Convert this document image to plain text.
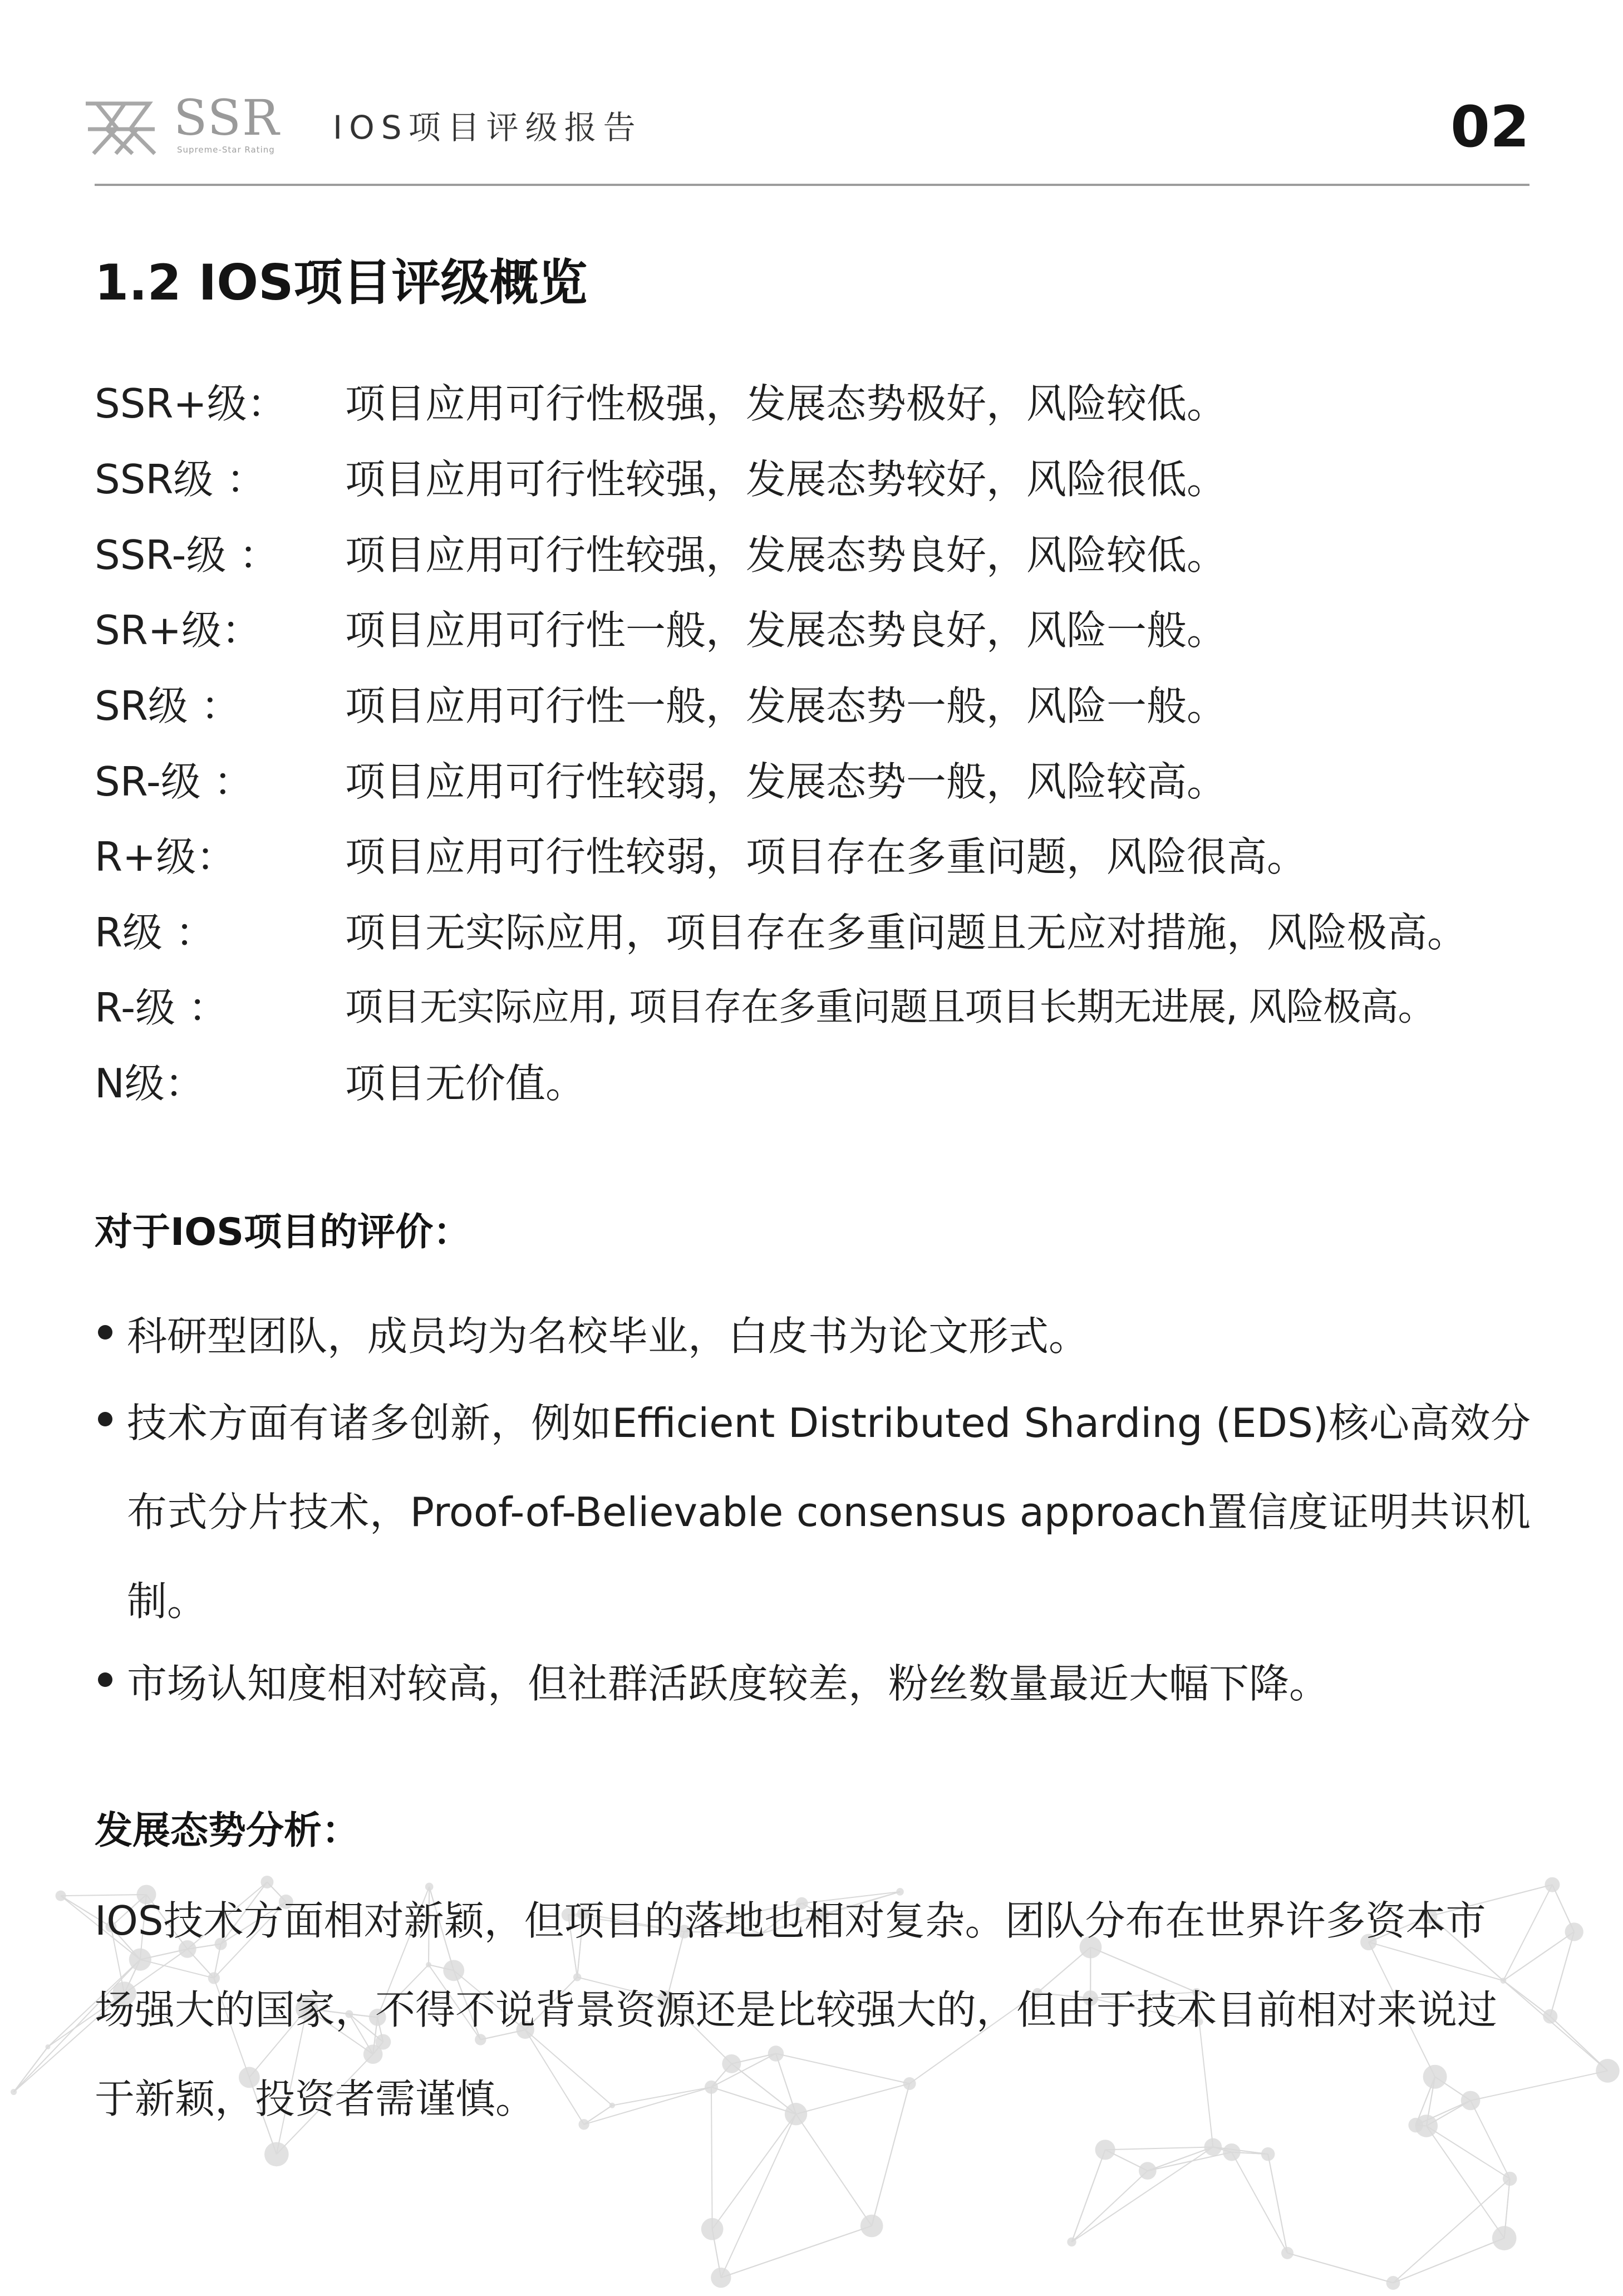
SSR
Supreme-Star Rating
IOS项目评级报告	02
1.2 IOS项目评级概览
SSR+级： 项目应用可行性极强，发展态势极好，风险较低。
SSR级 ： 项目应用可行性较强，发展态势较好，风险很低。
SSR-级 ： 项目应用可行性较强，发展态势良好，风险较低。
SR+级： 项目应用可行性一般，发展态势良好，风险一般。
SR级 ：	项目应用可行性一般，发展态势一般，风险一般。
SR-级 ： 项目应用可行性较弱，发展态势一般，风险较高。
R+级：	项目应用可行性较弱，项目存在多重问题，风险很高。
R级 ：	项目无实际应用，项目存在多重问题且无应对措施，风险极高。
R-级 ：	项目无实际应用, 项目存在多重问题且项目长期无进展, 风险极高。
N级：	项目无价值。
对于IOS项目的评价：
科研型团队，成员均为名校毕业，白皮书为论文形式。
技术方面有诸多创新，例如Efficient Distributed Sharding (EDS)核心高效分布式分片技术，Proof-of-Believable consensus approach置信度证明共识机制。
市场认知度相对较高，但社群活跃度较差，粉丝数量最近大幅下降。
发展态势分析：
IOS技术方面相对新颖，但项目的落地也相对复杂。团队分布在世界许多资本市场强大的国家，不得不说背景资源还是比较强大的，但由于技术目前相对来说过于新颖，投资者需谨慎。
